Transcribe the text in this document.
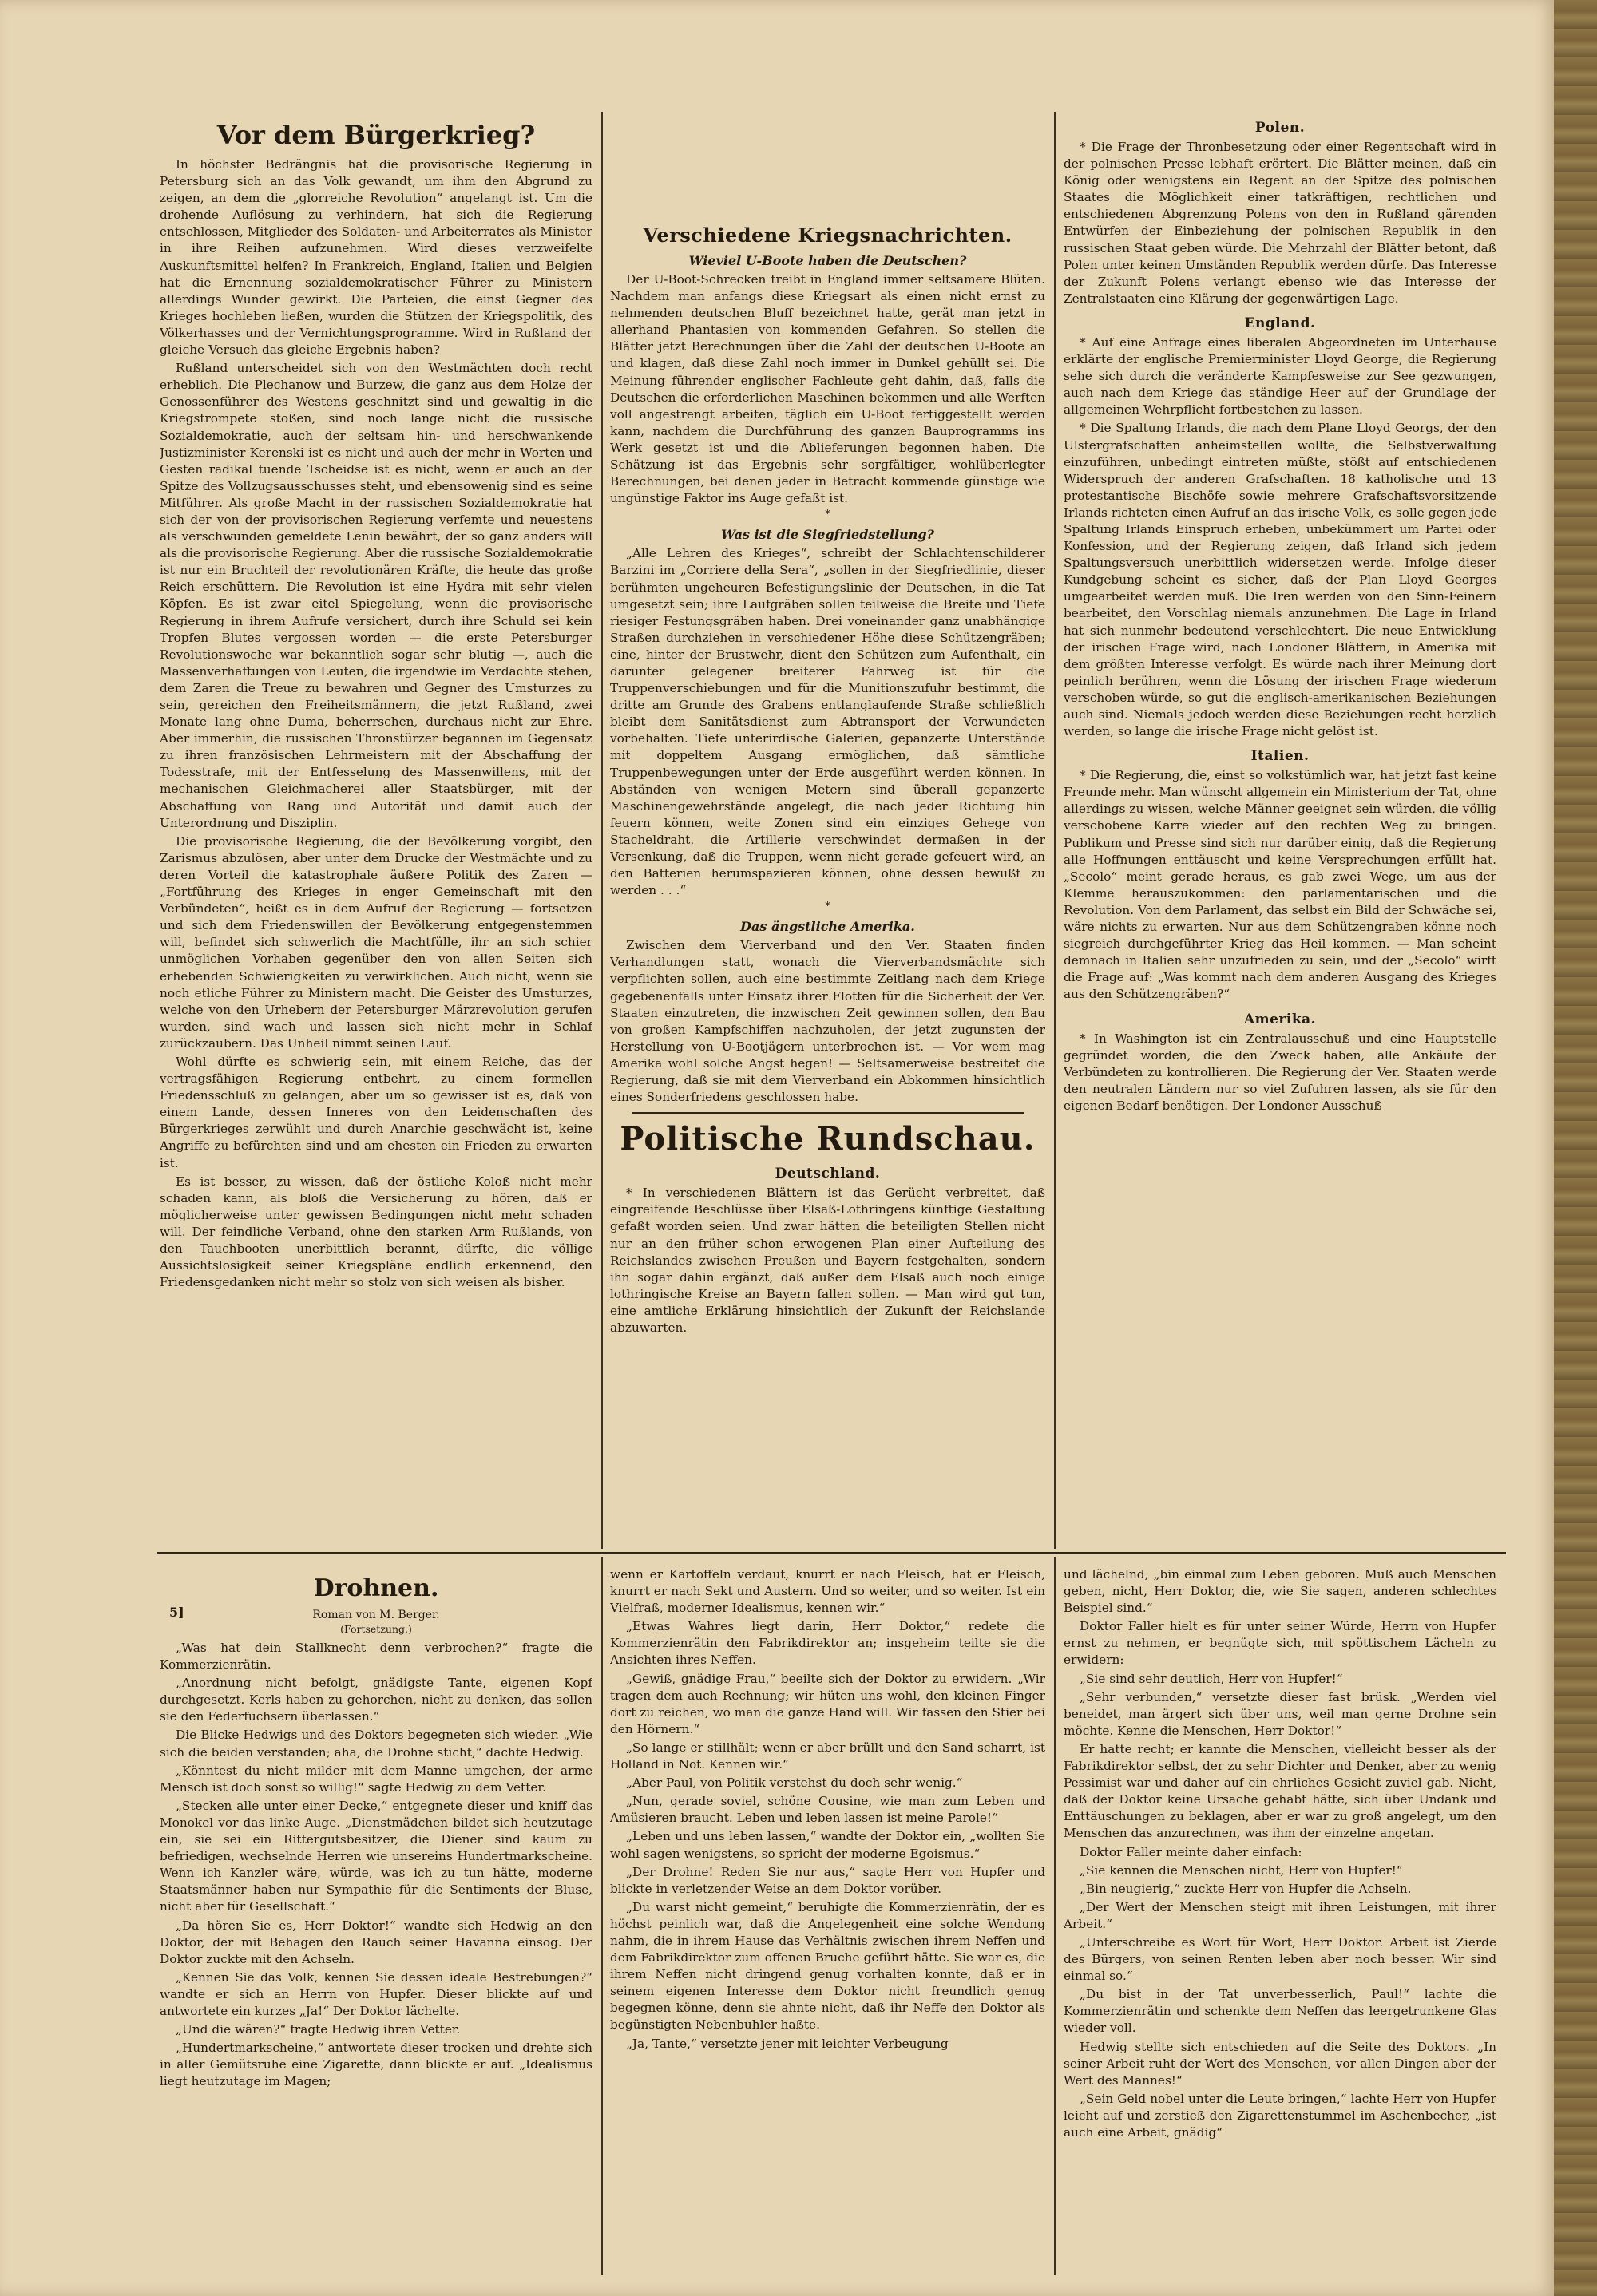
Vor dem Bürgerkrieg?

In höchster Bedrängnis hat die provisorische Regierung in Petersburg sich an das Volk gewandt, um ihm den Abgrund zu zeigen, an dem die „glorreiche Revolution“ angelangt ist. Um die drohende Auflösung zu verhindern, hat sich die Regierung entschlossen, Mitglieder des Soldaten- und Arbeiterrates als Minister in ihre Reihen aufzunehmen. Wird dieses verzweifelte Auskunftsmittel helfen? In Frankreich, England, Italien und Belgien hat die Ernennung sozialdemokratischer Führer zu Ministern allerdings Wunder gewirkt. Die Parteien, die einst Gegner des Krieges hochleben ließen, wurden die Stützen der Kriegspolitik, des Völkerhasses und der Vernichtungsprogramme. Wird in Rußland der gleiche Versuch das gleiche Ergebnis haben?

Rußland unterscheidet sich von den Westmächten doch recht erheblich. Die Plechanow und Burzew, die ganz aus dem Holze der Genossenführer des Westens geschnitzt sind und gewaltig in die Kriegstrompete stoßen, sind noch lange nicht die russische Sozialdemokratie, auch der seltsam hin- und herschwankende Justizminister Kerenski ist es nicht und auch der mehr in Worten und Gesten radikal tuende Tscheidse ist es nicht, wenn er auch an der Spitze des Vollzugsausschusses steht, und ebensowenig sind es seine Mitführer. Als große Macht in der russischen Sozialdemokratie hat sich der von der provisorischen Regierung verfemte und neuestens als verschwunden gemeldete Lenin bewährt, der so ganz anders will als die provisorische Regierung. Aber die russische Sozialdemokratie ist nur ein Bruchteil der revolutionären Kräfte, die heute das große Reich erschüttern. Die Revolution ist eine Hydra mit sehr vielen Köpfen. Es ist zwar eitel Spiegelung, wenn die provisorische Regierung in ihrem Aufrufe versichert, durch ihre Schuld sei kein Tropfen Blutes vergossen worden — die erste Petersburger Revolutionswoche war bekanntlich sogar sehr blutig —, auch die Massenverhaftungen von Leuten, die irgendwie im Verdachte stehen, dem Zaren die Treue zu bewahren und Gegner des Umsturzes zu sein, gereichen den Freiheitsmännern, die jetzt Rußland, zwei Monate lang ohne Duma, beherrschen, durchaus nicht zur Ehre. Aber immerhin, die russischen Thronstürzer begannen im Gegensatz zu ihren französischen Lehrmeistern mit der Abschaffung der Todesstrafe, mit der Entfesselung des Massenwillens, mit der mechanischen Gleichmacherei aller Staatsbürger, mit der Abschaffung von Rang und Autorität und damit auch der Unterordnung und Disziplin.

Die provisorische Regierung, die der Bevölkerung vorgibt, den Zarismus abzulösen, aber unter dem Drucke der Westmächte und zu deren Vorteil die katastrophale äußere Politik des Zaren — „Fortführung des Krieges in enger Gemeinschaft mit den Verbündeten“, heißt es in dem Aufruf der Regierung — fortsetzen und sich dem Friedenswillen der Bevölkerung entgegenstemmen will, befindet sich schwerlich die Machtfülle, ihr an sich schier unmöglichen Vorhaben gegenüber den von allen Seiten sich erhebenden Schwierigkeiten zu verwirklichen. Auch nicht, wenn sie noch etliche Führer zu Ministern macht. Die Geister des Umsturzes, welche von den Urhebern der Petersburger Märzrevolution gerufen wurden, sind wach und lassen sich nicht mehr in Schlaf zurückzaubern. Das Unheil nimmt seinen Lauf.

Wohl dürfte es schwierig sein, mit einem Reiche, das der vertragsfähigen Regierung entbehrt, zu einem formellen Friedensschluß zu gelangen, aber um so gewisser ist es, daß von einem Lande, dessen Inneres von den Leidenschaften des Bürgerkrieges zerwühlt und durch Anarchie geschwächt ist, keine Angriffe zu befürchten sind und am ehesten ein Frieden zu erwarten ist.

Es ist besser, zu wissen, daß der östliche Koloß nicht mehr schaden kann, als bloß die Versicherung zu hören, daß er möglicherweise unter gewissen Bedingungen nicht mehr schaden will. Der feindliche Verband, ohne den starken Arm Rußlands, von den Tauchbooten unerbittlich berannt, dürfte, die völlige Aussichtslosigkeit seiner Kriegspläne endlich erkennend, den Friedensgedanken nicht mehr so stolz von sich weisen als bisher.

Verschiedene Kriegsnachrichten.
Wieviel U-Boote haben die Deutschen?

Der U-Boot-Schrecken treibt in England immer seltsamere Blüten. Nachdem man anfangs diese Kriegsart als einen nicht ernst zu nehmenden deutschen Bluff bezeichnet hatte, gerät man jetzt in allerhand Phantasien von kommenden Gefahren. So stellen die Blätter jetzt Berechnungen über die Zahl der deutschen U-Boote an und klagen, daß diese Zahl noch immer in Dunkel gehüllt sei. Die Meinung führender englischer Fachleute geht dahin, daß, falls die Deutschen die erforderlichen Maschinen bekommen und alle Werften voll angestrengt arbeiten, täglich ein U-Boot fertiggestellt werden kann, nachdem die Durchführung des ganzen Bauprogramms ins Werk gesetzt ist und die Ablieferungen begonnen haben. Die Schätzung ist das Ergebnis sehr sorgfältiger, wohlüberlegter Berechnungen, bei denen jeder in Betracht kommende günstige wie ungünstige Faktor ins Auge gefaßt ist.

*
Was ist die Siegfriedstellung?

„Alle Lehren des Krieges“, schreibt der Schlachtenschilderer Barzini im „Corriere della Sera“, „sollen in der Siegfriedlinie, dieser berühmten ungeheuren Befestigungslinie der Deutschen, in die Tat umgesetzt sein; ihre Laufgräben sollen teilweise die Breite und Tiefe riesiger Festungsgräben haben. Drei voneinander ganz unabhängige Straßen durchziehen in verschiedener Höhe diese Schützengräben; eine, hinter der Brustwehr, dient den Schützen zum Aufenthalt, ein darunter gelegener breiterer Fahrweg ist für die Truppenverschiebungen und für die Munitionszufuhr bestimmt, die dritte am Grunde des Grabens entlanglaufende Straße schließlich bleibt dem Sanitätsdienst zum Abtransport der Verwundeten vorbehalten. Tiefe unterirdische Galerien, gepanzerte Unterstände mit doppeltem Ausgang ermöglichen, daß sämtliche Truppenbewegungen unter der Erde ausgeführt werden können. In Abständen von wenigen Metern sind überall gepanzerte Maschinengewehrstände angelegt, die nach jeder Richtung hin feuern können, weite Zonen sind ein einziges Gehege von Stacheldraht, die Artillerie verschwindet dermaßen in der Versenkung, daß die Truppen, wenn nicht gerade gefeuert wird, an den Batterien herumspazieren können, ohne dessen bewußt zu werden . . .“

*
Das ängstliche Amerika.

Zwischen dem Vierverband und den Ver. Staaten finden Verhandlungen statt, wonach die Vierverbandsmächte sich verpflichten sollen, auch eine bestimmte Zeitlang nach dem Kriege gegebenenfalls unter Einsatz ihrer Flotten für die Sicherheit der Ver. Staaten einzutreten, die inzwischen Zeit gewinnen sollen, den Bau von großen Kampfschiffen nachzuholen, der jetzt zugunsten der Herstellung von U-Bootjägern unterbrochen ist. — Vor wem mag Amerika wohl solche Angst hegen! — Seltsamerweise bestreitet die Regierung, daß sie mit dem Vierverband ein Abkommen hinsichtlich eines Sonderfriedens geschlossen habe.

Politische Rundschau.
Deutschland.

* In verschiedenen Blättern ist das Gerücht verbreitet, daß eingreifende Beschlüsse über Elsaß-Lothringens künftige Gestaltung gefaßt worden seien. Und zwar hätten die beteiligten Stellen nicht nur an den früher schon erwogenen Plan einer Aufteilung des Reichslandes zwischen Preußen und Bayern festgehalten, sondern ihn sogar dahin ergänzt, daß außer dem Elsaß auch noch einige lothringische Kreise an Bayern fallen sollen. — Man wird gut tun, eine amtliche Erklärung hinsichtlich der Zukunft der Reichslande abzuwarten.

Polen.

* Die Frage der Thronbesetzung oder einer Regentschaft wird in der polnischen Presse lebhaft erörtert. Die Blätter meinen, daß ein König oder wenigstens ein Regent an der Spitze des polnischen Staates die Möglichkeit einer tatkräftigen, rechtlichen und entschiedenen Abgrenzung Polens von den in Rußland gärenden Entwürfen der Einbeziehung der polnischen Republik in den russischen Staat geben würde. Die Mehrzahl der Blätter betont, daß Polen unter keinen Umständen Republik werden dürfe. Das Interesse der Zukunft Polens verlangt ebenso wie das Interesse der Zentralstaaten eine Klärung der gegenwärtigen Lage.

England.

* Auf eine Anfrage eines liberalen Abgeordneten im Unterhause erklärte der englische Premierminister Lloyd George, die Regierung sehe sich durch die veränderte Kampfesweise zur See gezwungen, auch nach dem Kriege das ständige Heer auf der Grundlage der allgemeinen Wehrpflicht fortbestehen zu lassen.

* Die Spaltung Irlands, die nach dem Plane Lloyd Georgs, der den Ulstergrafschaften anheimstellen wollte, die Selbstverwaltung einzuführen, unbedingt eintreten müßte, stößt auf entschiedenen Widerspruch der anderen Grafschaften. 18 katholische und 13 protestantische Bischöfe sowie mehrere Grafschaftsvorsitzende Irlands richteten einen Aufruf an das irische Volk, es solle gegen jede Spaltung Irlands Einspruch erheben, unbekümmert um Partei oder Konfession, und der Regierung zeigen, daß Irland sich jedem Spaltungsversuch unerbittlich widersetzen werde. Infolge dieser Kundgebung scheint es sicher, daß der Plan Lloyd Georges umgearbeitet werden muß. Die Iren werden von den Sinn-Feinern bearbeitet, den Vorschlag niemals anzunehmen. Die Lage in Irland hat sich nunmehr bedeutend verschlechtert. Die neue Entwicklung der irischen Frage wird, nach Londoner Blättern, in Amerika mit dem größten Interesse verfolgt. Es würde nach ihrer Meinung dort peinlich berühren, wenn die Lösung der irischen Frage wiederum verschoben würde, so gut die englisch-amerikanischen Beziehungen auch sind. Niemals jedoch werden diese Beziehungen recht herzlich werden, so lange die irische Frage nicht gelöst ist.

Italien.

* Die Regierung, die, einst so volkstümlich war, hat jetzt fast keine Freunde mehr. Man wünscht allgemein ein Ministerium der Tat, ohne allerdings zu wissen, welche Männer geeignet sein würden, die völlig verschobene Karre wieder auf den rechten Weg zu bringen. Publikum und Presse sind sich nur darüber einig, daß die Regierung alle Hoffnungen enttäuscht und keine Versprechungen erfüllt hat. „Secolo“ meint gerade heraus, es gab zwei Wege, um aus der Klemme herauszukommen: den parlamentarischen und die Revolution. Von dem Parlament, das selbst ein Bild der Schwäche sei, wäre nichts zu erwarten. Nur aus dem Schützengraben könne noch siegreich durchgeführter Krieg das Heil kommen. — Man scheint demnach in Italien sehr unzufrieden zu sein, und der „Secolo“ wirft die Frage auf: „Was kommt nach dem anderen Ausgang des Krieges aus den Schützengräben?“

Amerika.

* In Washington ist ein Zentralausschuß und eine Hauptstelle gegründet worden, die den Zweck haben, alle Ankäufe der Verbündeten zu kontrollieren. Die Regierung der Ver. Staaten werde den neutralen Ländern nur so viel Zufuhren lassen, als sie für den eigenen Bedarf benötigen. Der Londoner Ausschuß

Drohnen.
Roman von M. Berger.
(Fortsetzung.)

„Was hat dein Stallknecht denn verbrochen?“ fragte die Kommerzienrätin.

„Anordnung nicht befolgt, gnädigste Tante, eigenen Kopf durchgesetzt. Kerls haben zu gehorchen, nicht zu denken, das sollen sie den Federfuchsern überlassen.“

Die Blicke Hedwigs und des Doktors begegneten sich wieder. „Wie sich die beiden verstanden; aha, die Drohne sticht,“ dachte Hedwig.

„Könntest du nicht milder mit dem Manne umgehen, der arme Mensch ist doch sonst so willig!“ sagte Hedwig zu dem Vetter.

„Stecken alle unter einer Decke,“ entgegnete dieser und kniff das Monokel vor das linke Auge. „Dienstmädchen bildet sich heutzutage ein, sie sei ein Rittergutsbesitzer, die Diener sind kaum zu befriedigen, wechselnde Herren wie unsereins Hundertmarkscheine. Wenn ich Kanzler wäre, würde, was ich zu tun hätte, moderne Staatsmänner haben nur Sympathie für die Sentiments der Bluse, nicht aber für Gesellschaft.“

„Da hören Sie es, Herr Doktor!“ wandte sich Hedwig an den Doktor, der mit Behagen den Rauch seiner Havanna einsog. Der Doktor zuckte mit den Achseln.

„Kennen Sie das Volk, kennen Sie dessen ideale Bestrebungen?“ wandte er sich an Herrn von Hupfer. Dieser blickte auf und antwortete ein kurzes „Ja!“ Der Doktor lächelte.

„Und die wären?“ fragte Hedwig ihren Vetter.

„Hundertmarkscheine,“ antwortete dieser trocken und drehte sich in aller Gemütsruhe eine Zigarette, dann blickte er auf. „Idealismus liegt heutzutage im Magen;

5]

wenn er Kartoffeln verdaut, knurrt er nach Fleisch, hat er Fleisch, knurrt er nach Sekt und Austern. Und so weiter, und so weiter. Ist ein Vielfraß, moderner Idealismus, kennen wir.“

„Etwas Wahres liegt darin, Herr Doktor,“ redete die Kommerzienrätin den Fabrikdirektor an; insgeheim teilte sie die Ansichten ihres Neffen.

„Gewiß, gnädige Frau,“ beeilte sich der Doktor zu erwidern. „Wir tragen dem auch Rechnung; wir hüten uns wohl, den kleinen Finger dort zu reichen, wo man die ganze Hand will. Wir fassen den Stier bei den Hörnern.“

„So lange er stillhält; wenn er aber brüllt und den Sand scharrt, ist Holland in Not. Kennen wir.“

„Aber Paul, von Politik verstehst du doch sehr wenig.“

„Nun, gerade soviel, schöne Cousine, wie man zum Leben und Amüsieren braucht. Leben und leben lassen ist meine Parole!“

„Leben und uns leben lassen,“ wandte der Doktor ein, „wollten Sie wohl sagen wenigstens, so spricht der moderne Egoismus.“

„Der Drohne! Reden Sie nur aus,“ sagte Herr von Hupfer und blickte in verletzender Weise an dem Doktor vorüber.

„Du warst nicht gemeint,“ beruhigte die Kommerzienrätin, der es höchst peinlich war, daß die Angelegenheit eine solche Wendung nahm, die in ihrem Hause das Verhältnis zwischen ihrem Neffen und dem Fabrikdirektor zum offenen Bruche geführt hätte. Sie war es, die ihrem Neffen nicht dringend genug vorhalten konnte, daß er in seinem eigenen Interesse dem Doktor nicht freundlich genug begegnen könne, denn sie ahnte nicht, daß ihr Neffe den Doktor als begünstigten Nebenbuhler haßte.

„Ja, Tante,“ versetzte jener mit leichter Verbeugung

und lächelnd, „bin einmal zum Leben geboren. Muß auch Menschen geben, nicht, Herr Doktor, die, wie Sie sagen, anderen schlechtes Beispiel sind.“

Doktor Faller hielt es für unter seiner Würde, Herrn von Hupfer ernst zu nehmen, er begnügte sich, mit spöttischem Lächeln zu erwidern:

„Sie sind sehr deutlich, Herr von Hupfer!“

„Sehr verbunden,“ versetzte dieser fast brüsk. „Werden viel beneidet, man ärgert sich über uns, weil man gerne Drohne sein möchte. Kenne die Menschen, Herr Doktor!“

Er hatte recht; er kannte die Menschen, vielleicht besser als der Fabrikdirektor selbst, der zu sehr Dichter und Denker, aber zu wenig Pessimist war und daher auf ein ehrliches Gesicht zuviel gab. Nicht, daß der Doktor keine Ursache gehabt hätte, sich über Undank und Enttäuschungen zu beklagen, aber er war zu groß angelegt, um den Menschen das anzurechnen, was ihm der einzelne angetan.

Doktor Faller meinte daher einfach:

„Sie kennen die Menschen nicht, Herr von Hupfer!“

„Bin neugierig,“ zuckte Herr von Hupfer die Achseln.

„Der Wert der Menschen steigt mit ihren Leistungen, mit ihrer Arbeit.“

„Unterschreibe es Wort für Wort, Herr Doktor. Arbeit ist Zierde des Bürgers, von seinen Renten leben aber noch besser. Wir sind einmal so.“

„Du bist in der Tat unverbesserlich, Paul!“ lachte die Kommerzienrätin und schenkte dem Neffen das leergetrunkene Glas wieder voll.

Hedwig stellte sich entschieden auf die Seite des Doktors. „In seiner Arbeit ruht der Wert des Menschen, vor allen Dingen aber der Wert des Mannes!“

„Sein Geld nobel unter die Leute bringen,“ lachte Herr von Hupfer leicht auf und zerstieß den Zigarettenstummel im Aschenbecher, „ist auch eine Arbeit, gnädig“
